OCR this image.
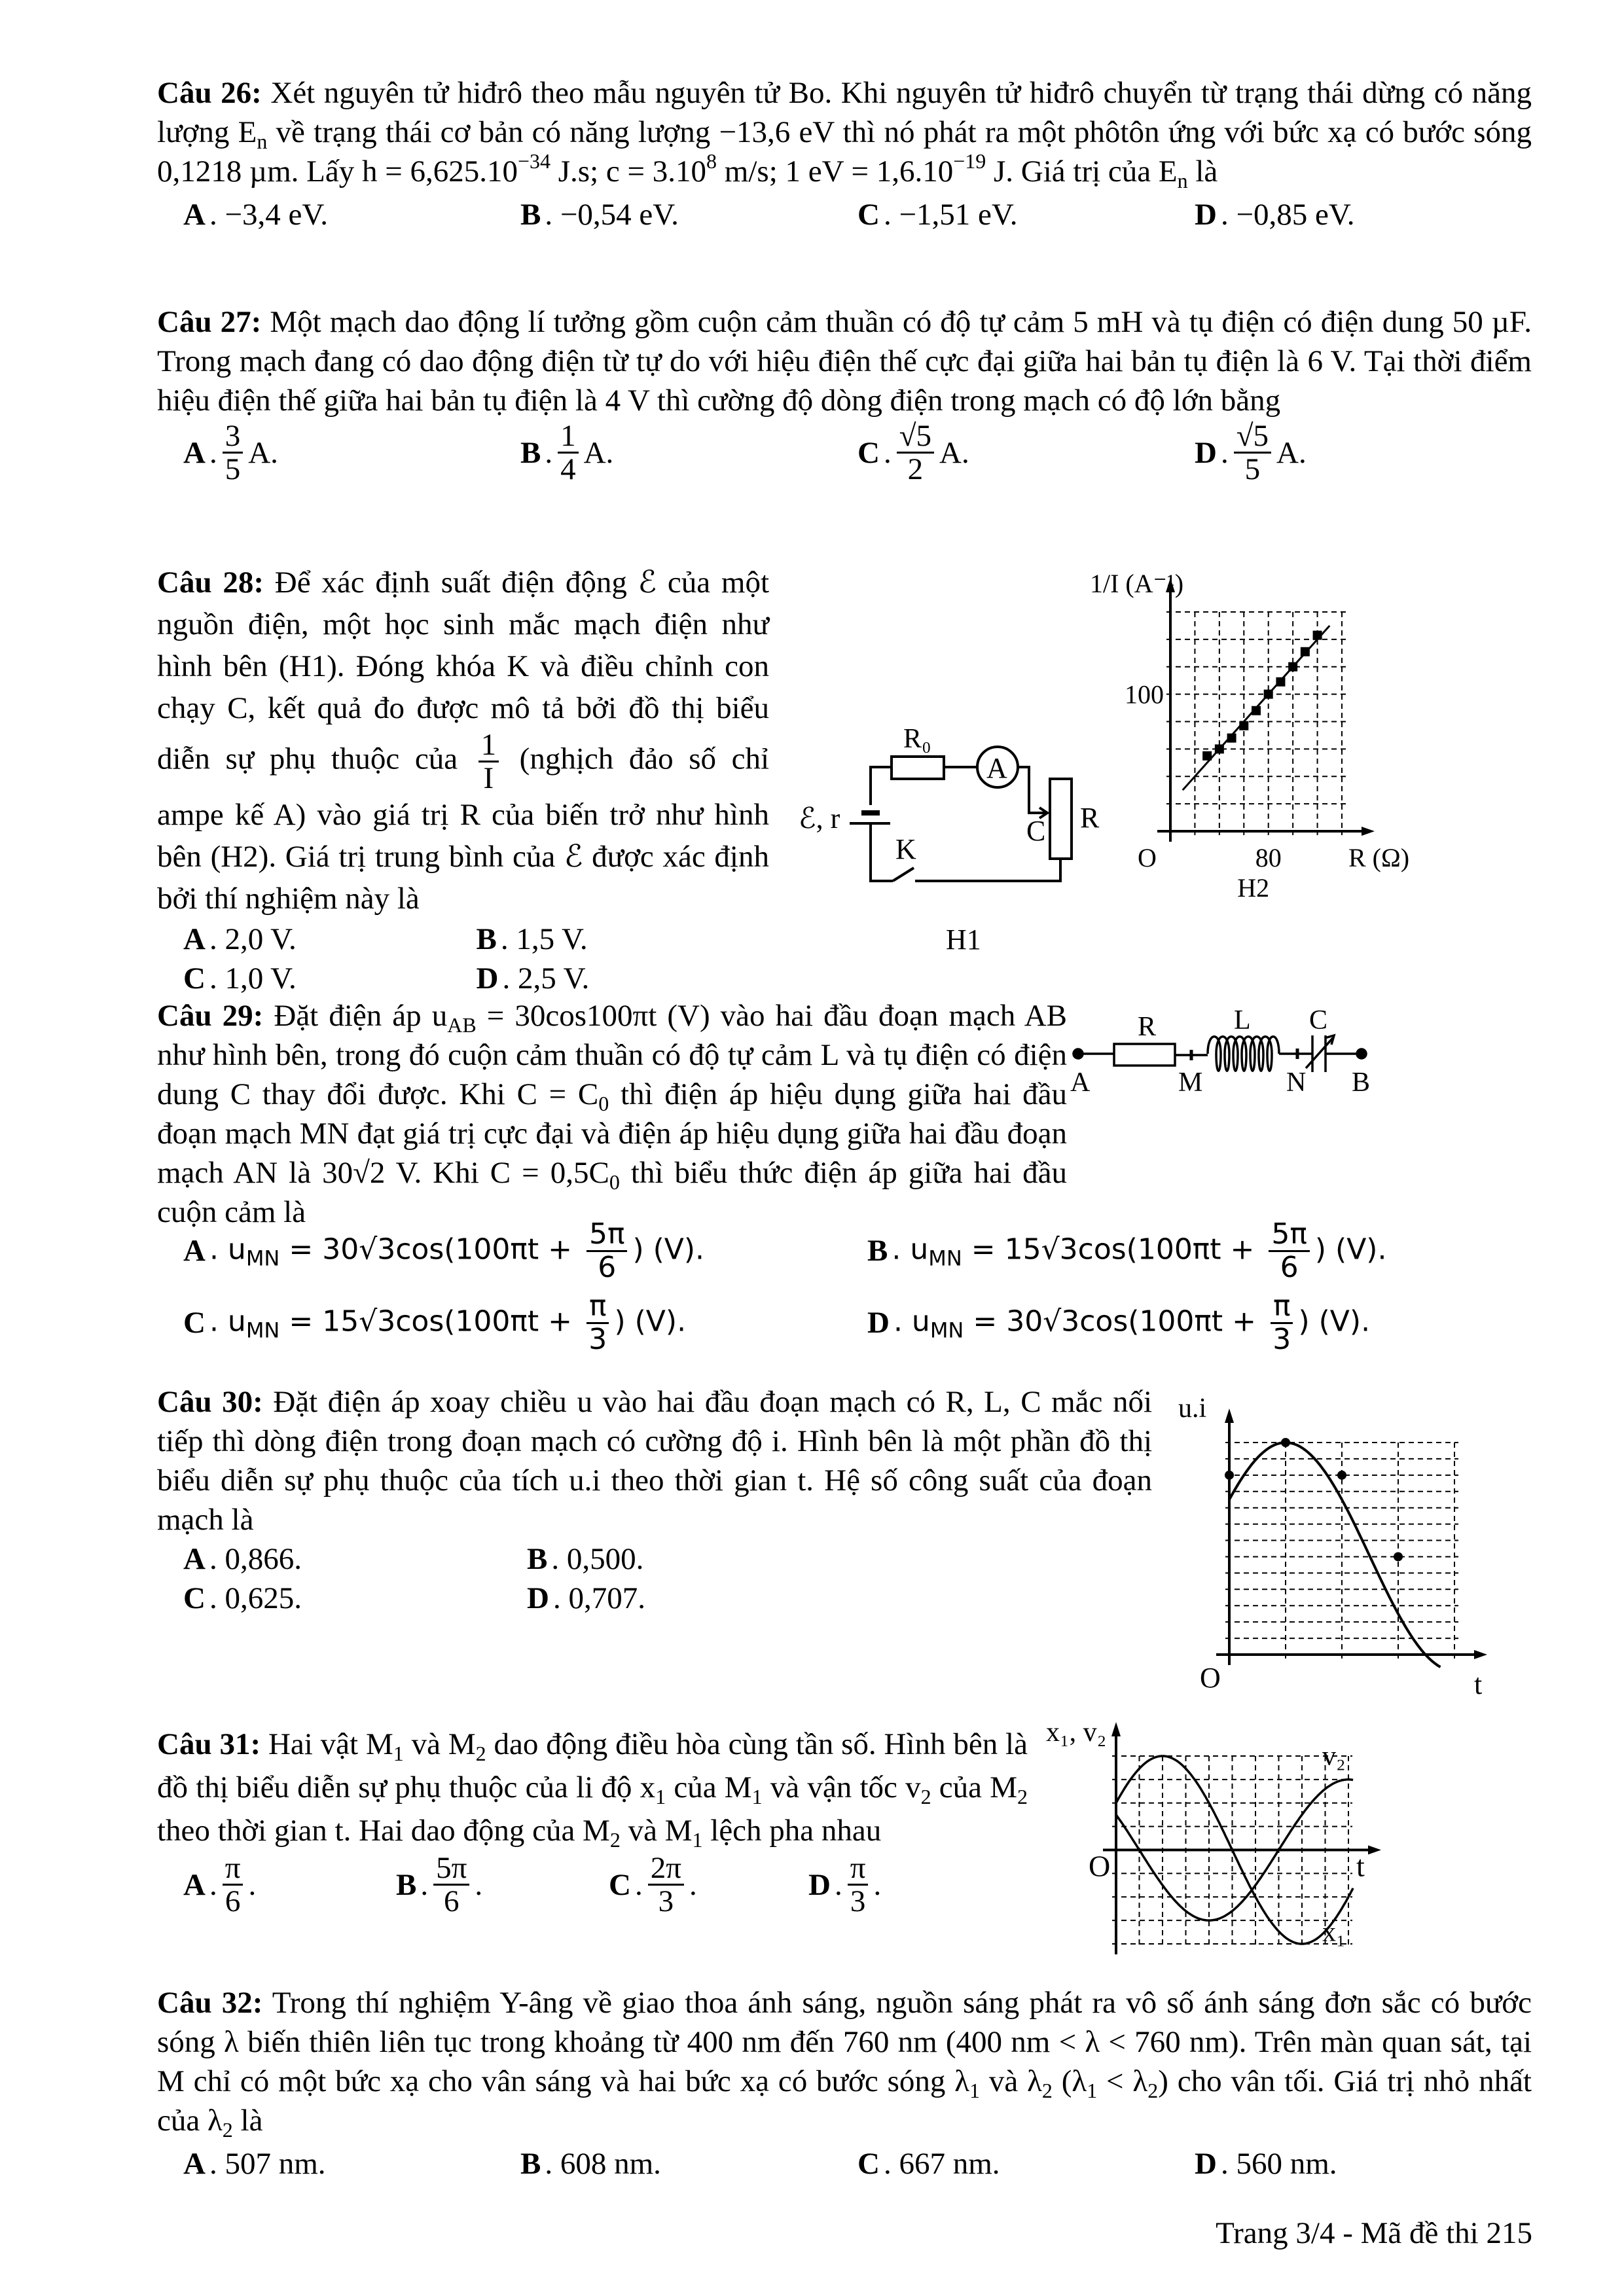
Câu 26: Xét nguyên tử hiđrô theo mẫu nguyên tử Bo. Khi nguyên tử hiđrô chuyển từ trạng thái dừng có năng lượng $E_n$ về trạng thái cơ bản có năng lượng −13,6 eV thì nó phát ra một phôtôn ứng với bức xạ có bước sóng 0,1218 µm. Lấy $h = 6,625.10^{-34}$ J.s; $c = 3.10^8$ m/s; 1 eV = $1,6.10^{-19}$ J. Giá trị của $E_n$ là

A . −3,4 eV.	B . −0,54 eV.	C . −1,51 eV.	D . −0,85 eV.

Câu 27: Một mạch dao động lí tưởng gồm cuộn cảm thuần có độ tự cảm 5 mH và tụ điện có điện dung 50 µF. Trong mạch đang có dao động điện từ tự do với hiệu điện thế cực đại giữa hai bản tụ điện là 6 V. Tại thời điểm hiệu điện thế giữa hai bản tụ điện là 4 V thì cường độ dòng điện trong mạch có độ lớn bằng

A . $\frac{3}{5} A$.	B . $\frac{1}{4} A$.	C . $\frac{√5}{2} A$.	D . $\frac{√5}{5} A$.

Câu 28: Để xác định suất điện động ℰ của một nguồn điện, một học sinh mắc mạch điện như hình bên (H1). Đóng khóa K và điều chỉnh con chạy C, kết quả đo được mô tả bởi đồ thị biểu diễn sự phụ thuộc của $\frac{1}{I}$ (nghịch đảo số chỉ ampe kế A) vào giá trị R của biến trở như hình bên (H2). Giá trị trung bình của ℰ được xác định bởi thí nghiệm này là

A . 2,0 V.	B . 1,5 V.
C . 1,0 V.	D . 2,5 V.
R₀
A
ℰ, r
K
C R
H1
100
80
O	R (Ω)
1/I (A⁻¹)
H2

Câu 29: Đặt điện áp $u_{AB} = 30\cos 100\pi t$ (V) vào hai đầu đoạn mạch AB như hình bên, trong đó cuộn cảm thuần có độ tự cảm L và tụ điện có điện dung C thay đổi được. Khi $C = C_0$ thì điện áp hiệu dụng giữa hai đầu đoạn mạch MN đạt giá trị cực đại và điện áp hiệu dụng giữa hai đầu đoạn mạch AN là 30√2 V. Khi $C = 0,5C_0$ thì biểu thức điện áp giữa hai đầu cuộn cảm là

R	L C
A	M	N B
A . $u_{MN} = 30√3\cos(100\pi t + \frac{5\pi}{6}$ ) (V).	B . $u_{MN} = 15√3\cos(100\pi t + \frac{5\pi}{6}$ ) (V).
C . $u_{MN} = 15√3\cos(100\pi t + \frac{\pi}{3}$ ) (V).	D . $u_{MN} = 30√3\cos(100\pi t + \frac{\pi}{3}$ ) (V).

Câu 30: Đặt điện áp xoay chiều u vào hai đầu đoạn mạch có R, L, C mắc nối tiếp thì dòng điện trong đoạn mạch có cường độ i. Hình bên là một phần đồ thị biểu diễn sự phụ thuộc của tích u.i theo thời gian t. Hệ số công suất của đoạn mạch là

A . 0,866.	B . 0,500.
C . 0,625.	D . 0,707.
u.i
O	t

Câu 31: Hai vật $M_1$ và $M_2$ dao động điều hòa cùng tần số. Hình bên là đồ thị biểu diễn sự phụ thuộc của li độ $x_1$ của $M_1$ và vận tốc $v_2$ của $M_2$ theo thời gian t. Hai dao động của $M_2$ và $M_1$ lệch pha nhau

A . $\frac{\pi}{6}$ .	B . $\frac{5\pi}{6}$ .	C . $\frac{2\pi}{3}$ .	D . $\frac{\pi}{3}$ .
x₁
v₂
x₁, v₂
O	t

Câu 32: Trong thí nghiệm Y-âng về giao thoa ánh sáng, nguồn sáng phát ra vô số ánh sáng đơn sắc có bước sóng λ biến thiên liên tục trong khoảng từ 400 nm đến 760 nm (400 nm < λ < 760 nm). Trên màn quan sát, tại M chỉ có một bức xạ cho vân sáng và hai bức xạ có bước sóng $\lambda_1$ và $\lambda_2$ $(\lambda_1 < \lambda_2)$ cho vân tối. Giá trị nhỏ nhất của $\lambda_2$ là

A . 507 nm.	B . 608 nm.	C . 667 nm.	D . 560 nm.
Trang 3/4 - Mã đề thi 215
